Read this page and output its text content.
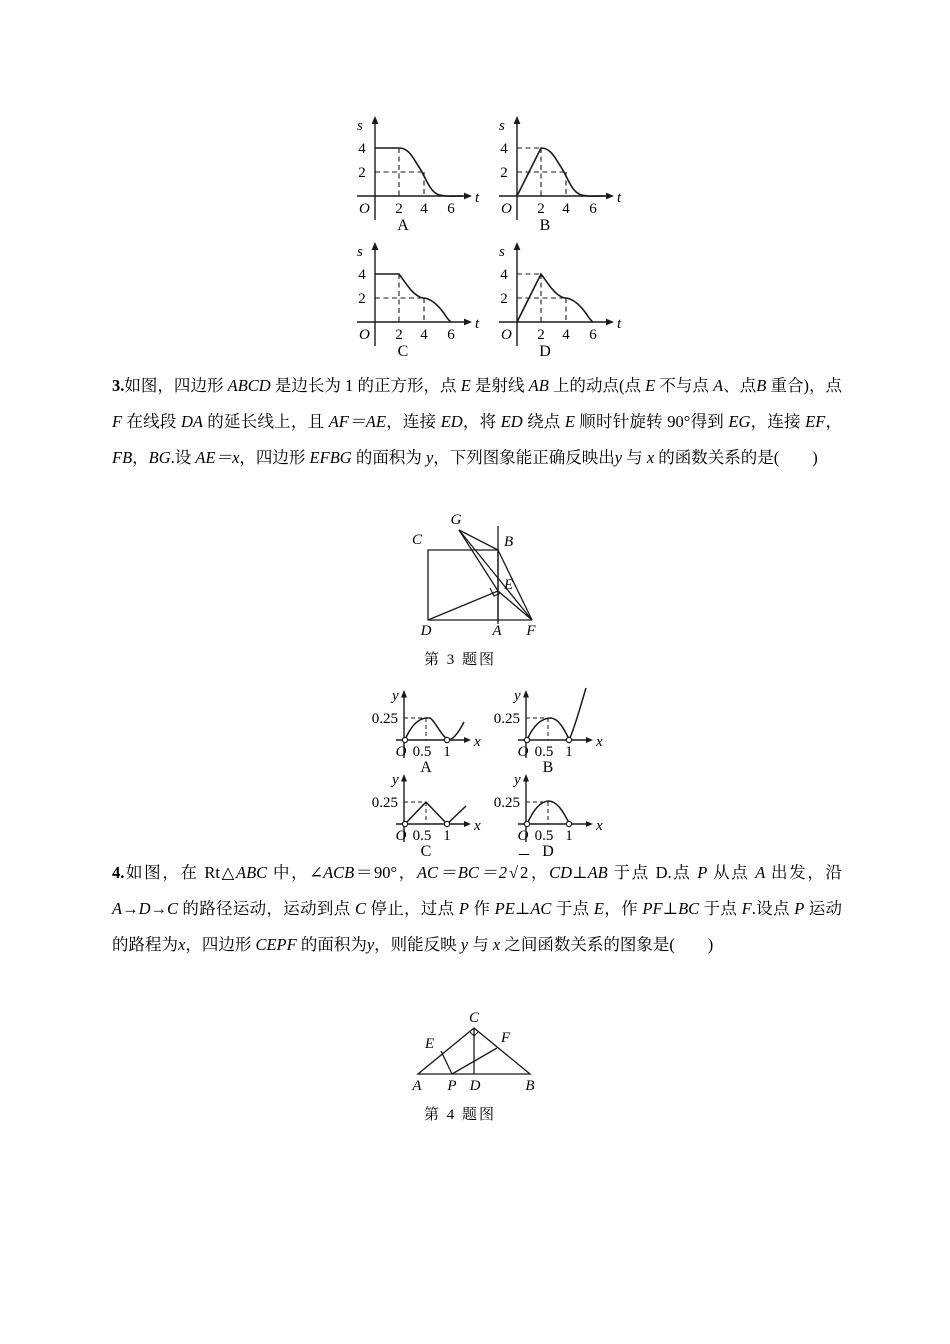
s
t
O
4
2
2 4 6
A
s
t
O
4
2
2 4 6
B
s
t
O
4
2
2 4 6
C
s
t
O
4
2
2 4 6
D
3.如图，四边形 ABCD 是边长为 1 的正方形，点 E 是射线 AB 上的动点(点 E 不与点 A、点B 重合)，点 F 在线段 DA 的延长线上，且 AF＝AE，连接 ED，将 ED 绕点 E 顺时针旋转 90°得到 EG，连接 EF，FB，BG.设 AE＝x，四边形 EFBG 的面积为 y，下列图象能正确反映出y 与 x 的函数关系的是(　　)
G
C	B
E
D	A F
第 3 题图
y
x
O
0.25
0.5 1
A
y
x
O
0.25
0.5 1
B
y
x
O
0.25
0.5 1
C
y
x
O
0.25
0.5 1
D
4.如图，在 Rt△ABC 中，∠ACB＝90°，AC＝BC＝2 √ 2，CD⊥AB 于点 D.点 P 从点 A 出发，沿 A→D→C 的路径运动，运动到点 C 停止，过点 P 作 PE⊥AC 于点 E，作 PF⊥BC 于点 F.设点 P 运动的路程为x，四边形 CEPF 的面积为y，则能反映 y 与 x 之间函数关系的图象是(　　)
C
F
E
A P D	B
第 4 题图
